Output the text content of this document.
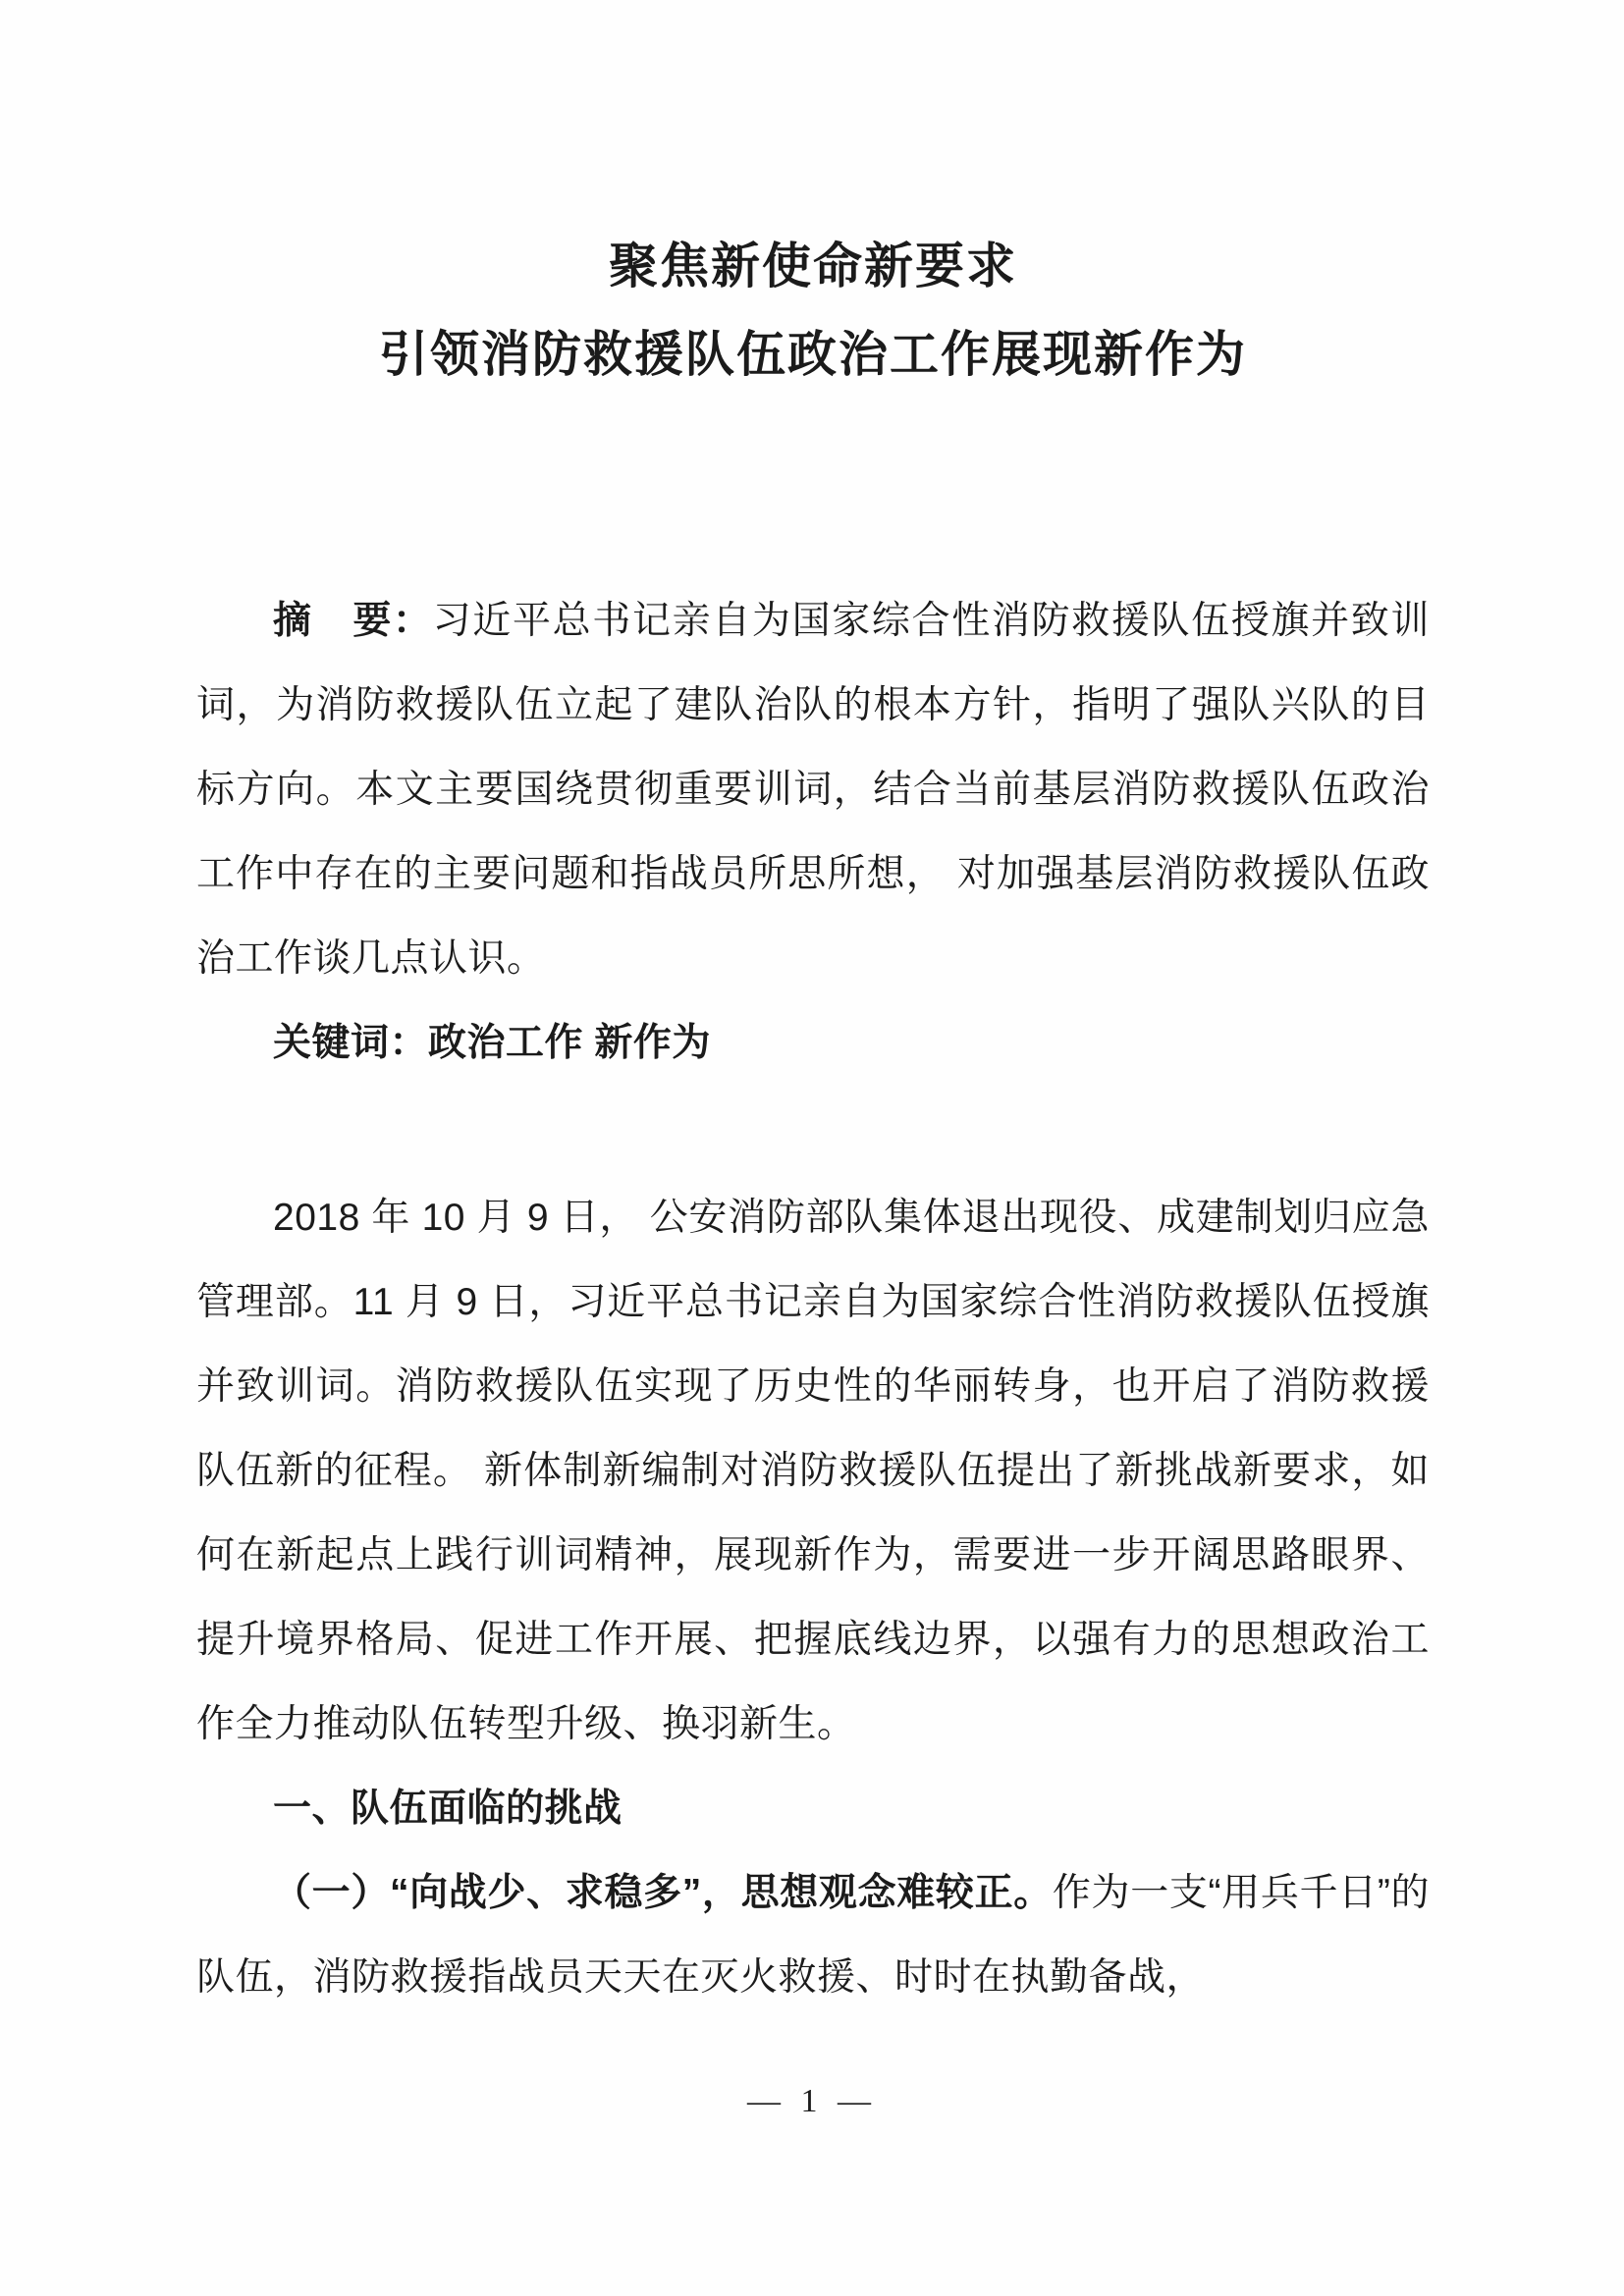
聚焦新使命新要求
引领消防救援队伍政治工作展现新作为

摘　要：习近平总书记亲自为国家综合性消防救援队伍授旗并致训词，为消防救援队伍立起了建队治队的根本方针，指明了强队兴队的目标方向。本文主要国绕贯彻重要训词，结合当前基层消防救援队伍政治工作中存在的主要问题和指战员所思所想， 对加强基层消防救援队伍政治工作谈几点认识。

关键词：政治工作 新作为

2018 年 10 月 9 日， 公安消防部队集体退出现役、成建制划归应急管理部。11 月 9 日，习近平总书记亲自为国家综合性消防救援队伍授旗并致训词。消防救援队伍实现了历史性的华丽转身，也开启了消防救援队伍新的征程。 新体制新编制对消防救援队伍提出了新挑战新要求，如何在新起点上践行训词精神，展现新作为，需要进一步开阔思路眼界、提升境界格局、促进工作开展、把握底线边界，以强有力的思想政治工作全力推动队伍转型升级、换羽新生。

一、队伍面临的挑战

（一）“向战少、求稳多”，思想观念难较正。作为一支“用兵千日”的队伍，消防救援指战员天天在灭火救援、时时在执勤备战，

— 1 —
